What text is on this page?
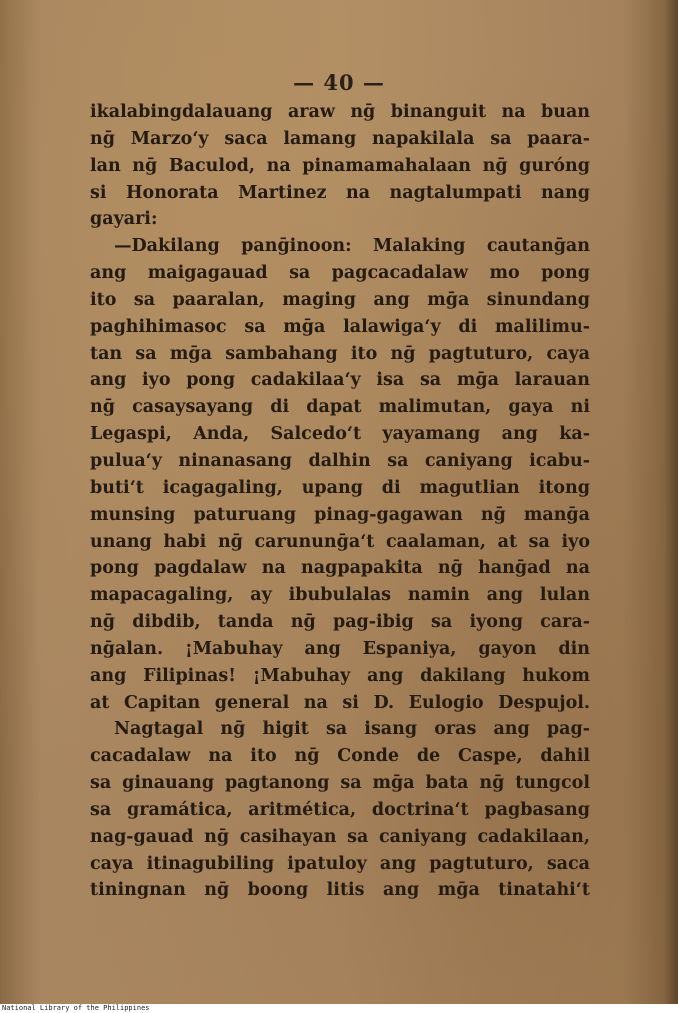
— 40 —
ikalabingdalauang araw nḡ binanguit na buan
nḡ Marzo‘y saca lamang napakilala sa paara-
lan nḡ Baculod, na pinamamahalaan nḡ guróng
si Honorata Martinez na nagtalumpati nang
gayari:
—Dakilang panḡinoon: Malaking cautanḡan
ang maigagauad sa pagcacadalaw mo pong
ito sa paaralan, maging ang mḡa sinundang
paghihimasoc sa mḡa lalawiga‘y di malilimu-
tan sa mḡa sambahang ito nḡ pagtuturo, caya
ang iyo pong cadakilaa‘y isa sa mḡa larauan
nḡ casaysayang di dapat malimutan, gaya ni
Legaspi, Anda, Salcedo‘t yayamang ang ka-
pulua‘y ninanasang dalhin sa caniyang icabu-
buti‘t icagagaling, upang di magutlian itong
munsing paturuang pinag-gagawan nḡ manḡa
unang habi nḡ carununḡa‘t caalaman, at sa iyo
pong pagdalaw na nagpapakita nḡ hanḡad na
mapacagaling, ay ibubulalas namin ang lulan
nḡ dibdib, tanda nḡ pag-ibig sa iyong cara-
nḡalan. ¡Mabuhay ang Espaniya, gayon din
ang Filipinas! ¡Mabuhay ang dakilang hukom
at Capitan general na si D. Eulogio Despujol.
Nagtagal nḡ higit sa isang oras ang pag-
cacadalaw na ito nḡ Conde de Caspe, dahil
sa ginauang pagtanong sa mḡa bata nḡ tungcol
sa gramática, aritmética, doctrina‘t pagbasang
nag-gauad nḡ casihayan sa caniyang cadakilaan,
caya itinagubiling ipatuloy ang pagtuturo, saca
tiningnan nḡ boong litis ang mḡa tinatahi‘t
National Library of the Philippines
